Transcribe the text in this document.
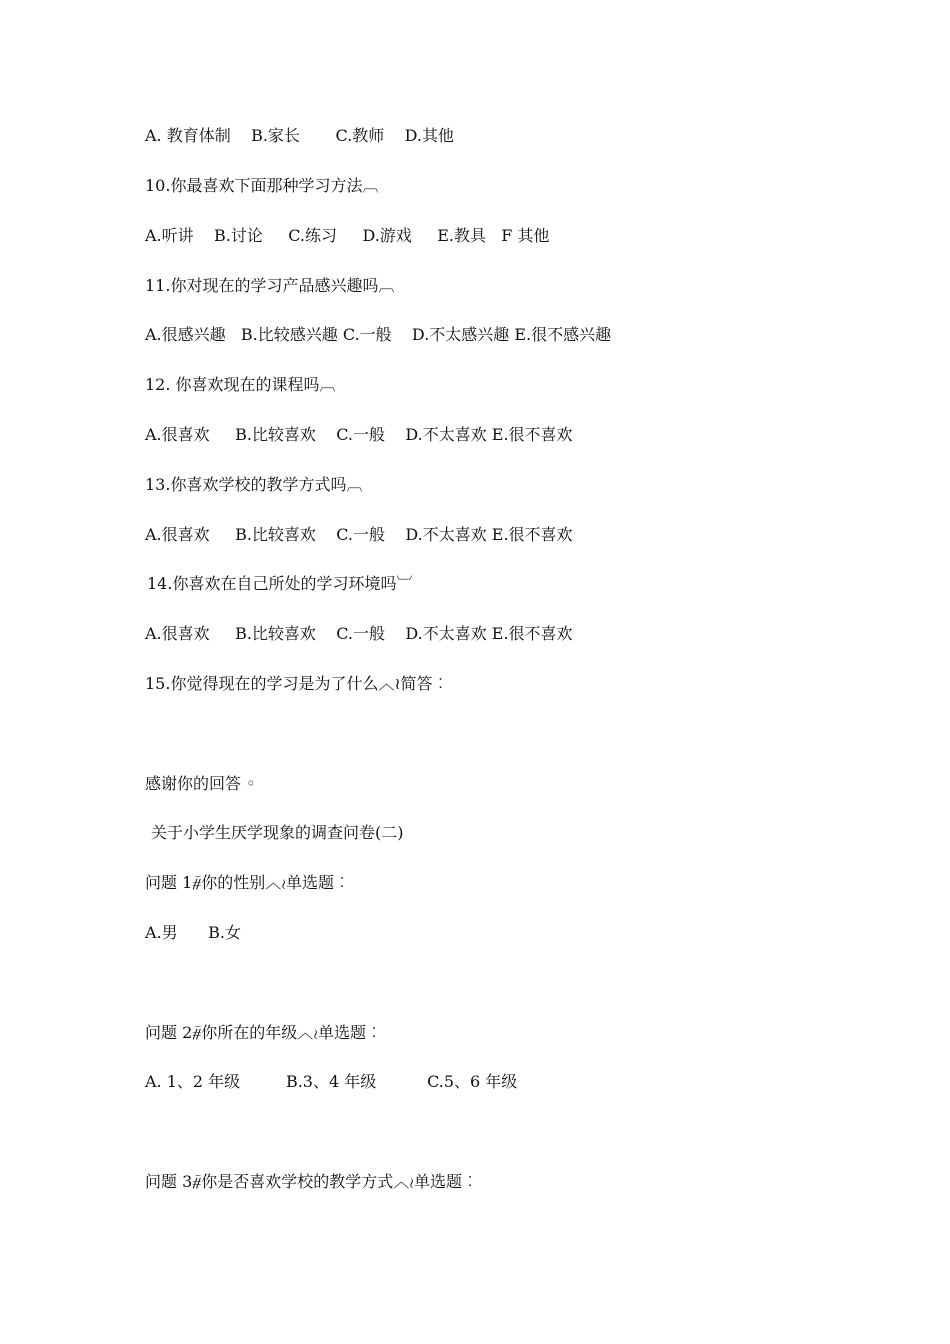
A. 教育体制    B.家长       C.教师    D.其他
10.你最喜欢下面那种学习方法︹
A.听讲    B.讨论     C.练习     D.游戏     E.教具   F 其他
11.你对现在的学习产品感兴趣吗︹
A.很感兴趣   B.比较感兴趣 C.一般    D.不太感兴趣 E.很不感兴趣
12. 你喜欢现在的课程吗︹
A.很喜欢     B.比较喜欢    C.一般    D.不太喜欢 E.很不喜欢
13.你喜欢学校的教学方式吗︹
A.很喜欢     B.比较喜欢    C.一般    D.不太喜欢 E.很不喜欢
14.你喜欢在自己所处的学习环境吗︺
A.很喜欢     B.比较喜欢    C.一般    D.不太喜欢 E.很不喜欢
15.你觉得现在的学习是为了什么︿≀简答︰
感谢你的回答 ◦
关于小学生厌学现象的调查问卷(二)
问题 1⧤你的性别︿≀单选题︰
A.男      B.女
问题 2⧤你所在的年级︿≀单选题︰
A. 1、2 年级         B.3、4 年级          C.5、6 年级
问题 3⧤你是否喜欢学校的教学方式︿≀单选题︰
